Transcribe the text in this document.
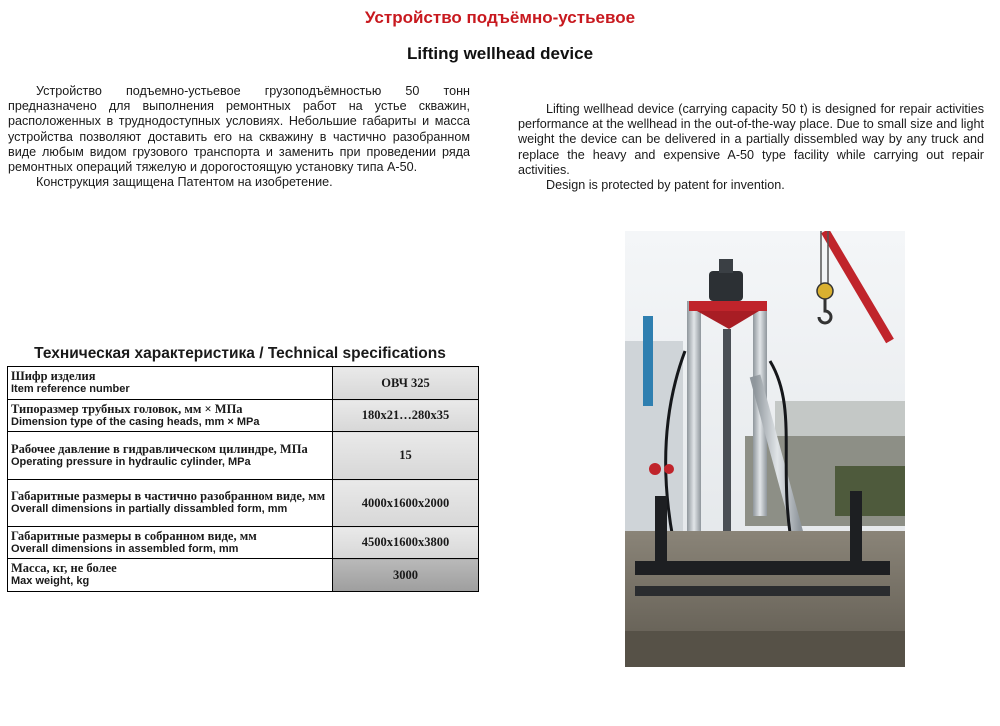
Устройство подъёмно-устьевое
Lifting wellhead device

Устройство подъемно-устьевое грузоподъёмностью 50 тонн предназначено для выполнения ремонтных работ на устье скважин, расположенных в труднодоступных условиях. Небольшие габариты и масса устройства позволяют доставить его на скважину в частично разобранном виде любым видом грузового транспорта и заменить при проведении ряда ремонтных операций тяжелую и дорогостоящую установку типа А-50.

Конструкция защищена Патентом на изобретение.

Lifting wellhead device (carrying capacity 50 t) is designed for repair activities performance at the wellhead in the out-of-the-way place. Due to small size and light weight the device can be delivered in a partially dissembled way by any truck and replace the heavy and expensive A-50 type facility while carrying out repair activities.

Design is protected by patent for invention.

Техническая характеристика / Technical specifications
Шифр изделия
Item reference number	ОВЧ 325

Типоразмер трубных головок, мм × МПа
Dimension type of the casing heads, mm × MPa	180x21…280x35

Рабочее давление в гидравлическом цилиндре, МПа
Operating pressure in hydraulic cylinder, MPa	15

Габаритные размеры в частично разобранном виде, мм
Overall dimensions in partially dissambled form, mm	4000x1600x2000

Габаритные размеры в собранном виде, мм
Overall dimensions in assembled form, mm	4500x1600x3800

Масса, кг, не более
Max weight, kg	3000
